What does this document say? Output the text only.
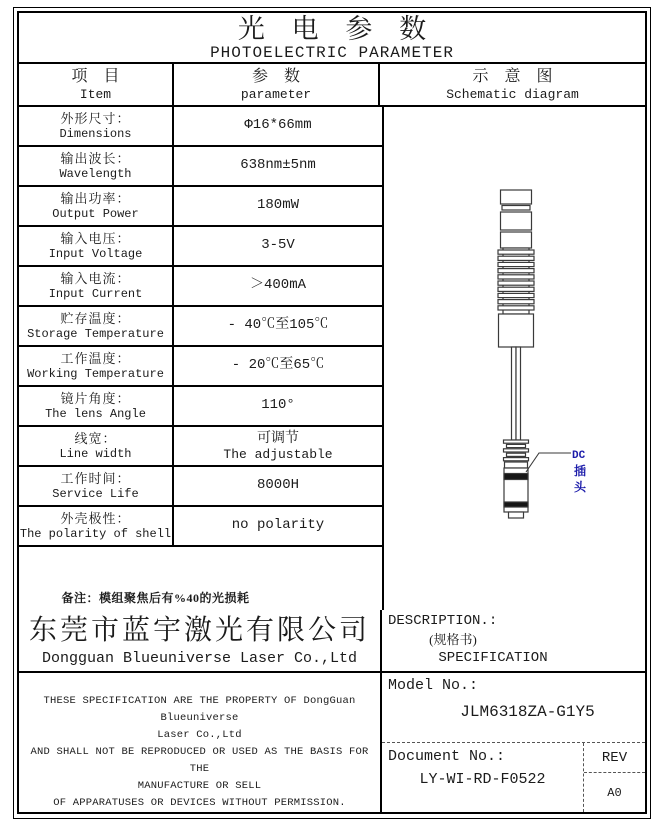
光 电 参 数
PHOTOELECTRIC PARAMETER
项 目
Item
参 数
parameter
示 意 图
Schematic diagram
外形尺寸：
Dimensions
Φ16*66mm
输出波长：
Wavelength
638nm±5nm
输出功率：
Output Power
180mW
输入电压：
Input Voltage
3-5V
输入电流：
Input Current
＞400mA
贮存温度：
Storage Temperature
- 40℃至105℃
工作温度：
Working Temperature
- 20℃至65℃
镜片角度：
The lens Angle
110°
线宽：
Line width
可调节
The adjustable
工作时间：
Service Life
8000H
外壳极性：
The polarity of shell
no polarity
备注：模组聚焦后有%40的光损耗
DC
插
头
东莞市蓝宇激光有限公司
Dongguan Blueuniverse Laser Co.,Ltd
DESCRIPTION.:
(规格书)
SPECIFICATION
THESE SPECIFICATION ARE THE PROPERTY OF DongGuan Blueuniverse
Laser Co.,Ltd
AND SHALL NOT BE REPRODUCED OR USED AS THE BASIS FOR THE
MANUFACTURE OR SELL
OF APPARATUSES OR DEVICES WITHOUT PERMISSION.
Model No.:
JLM6318ZA-G1Y5
Document No.:
LY-WI-RD-F0522
REV
A0
